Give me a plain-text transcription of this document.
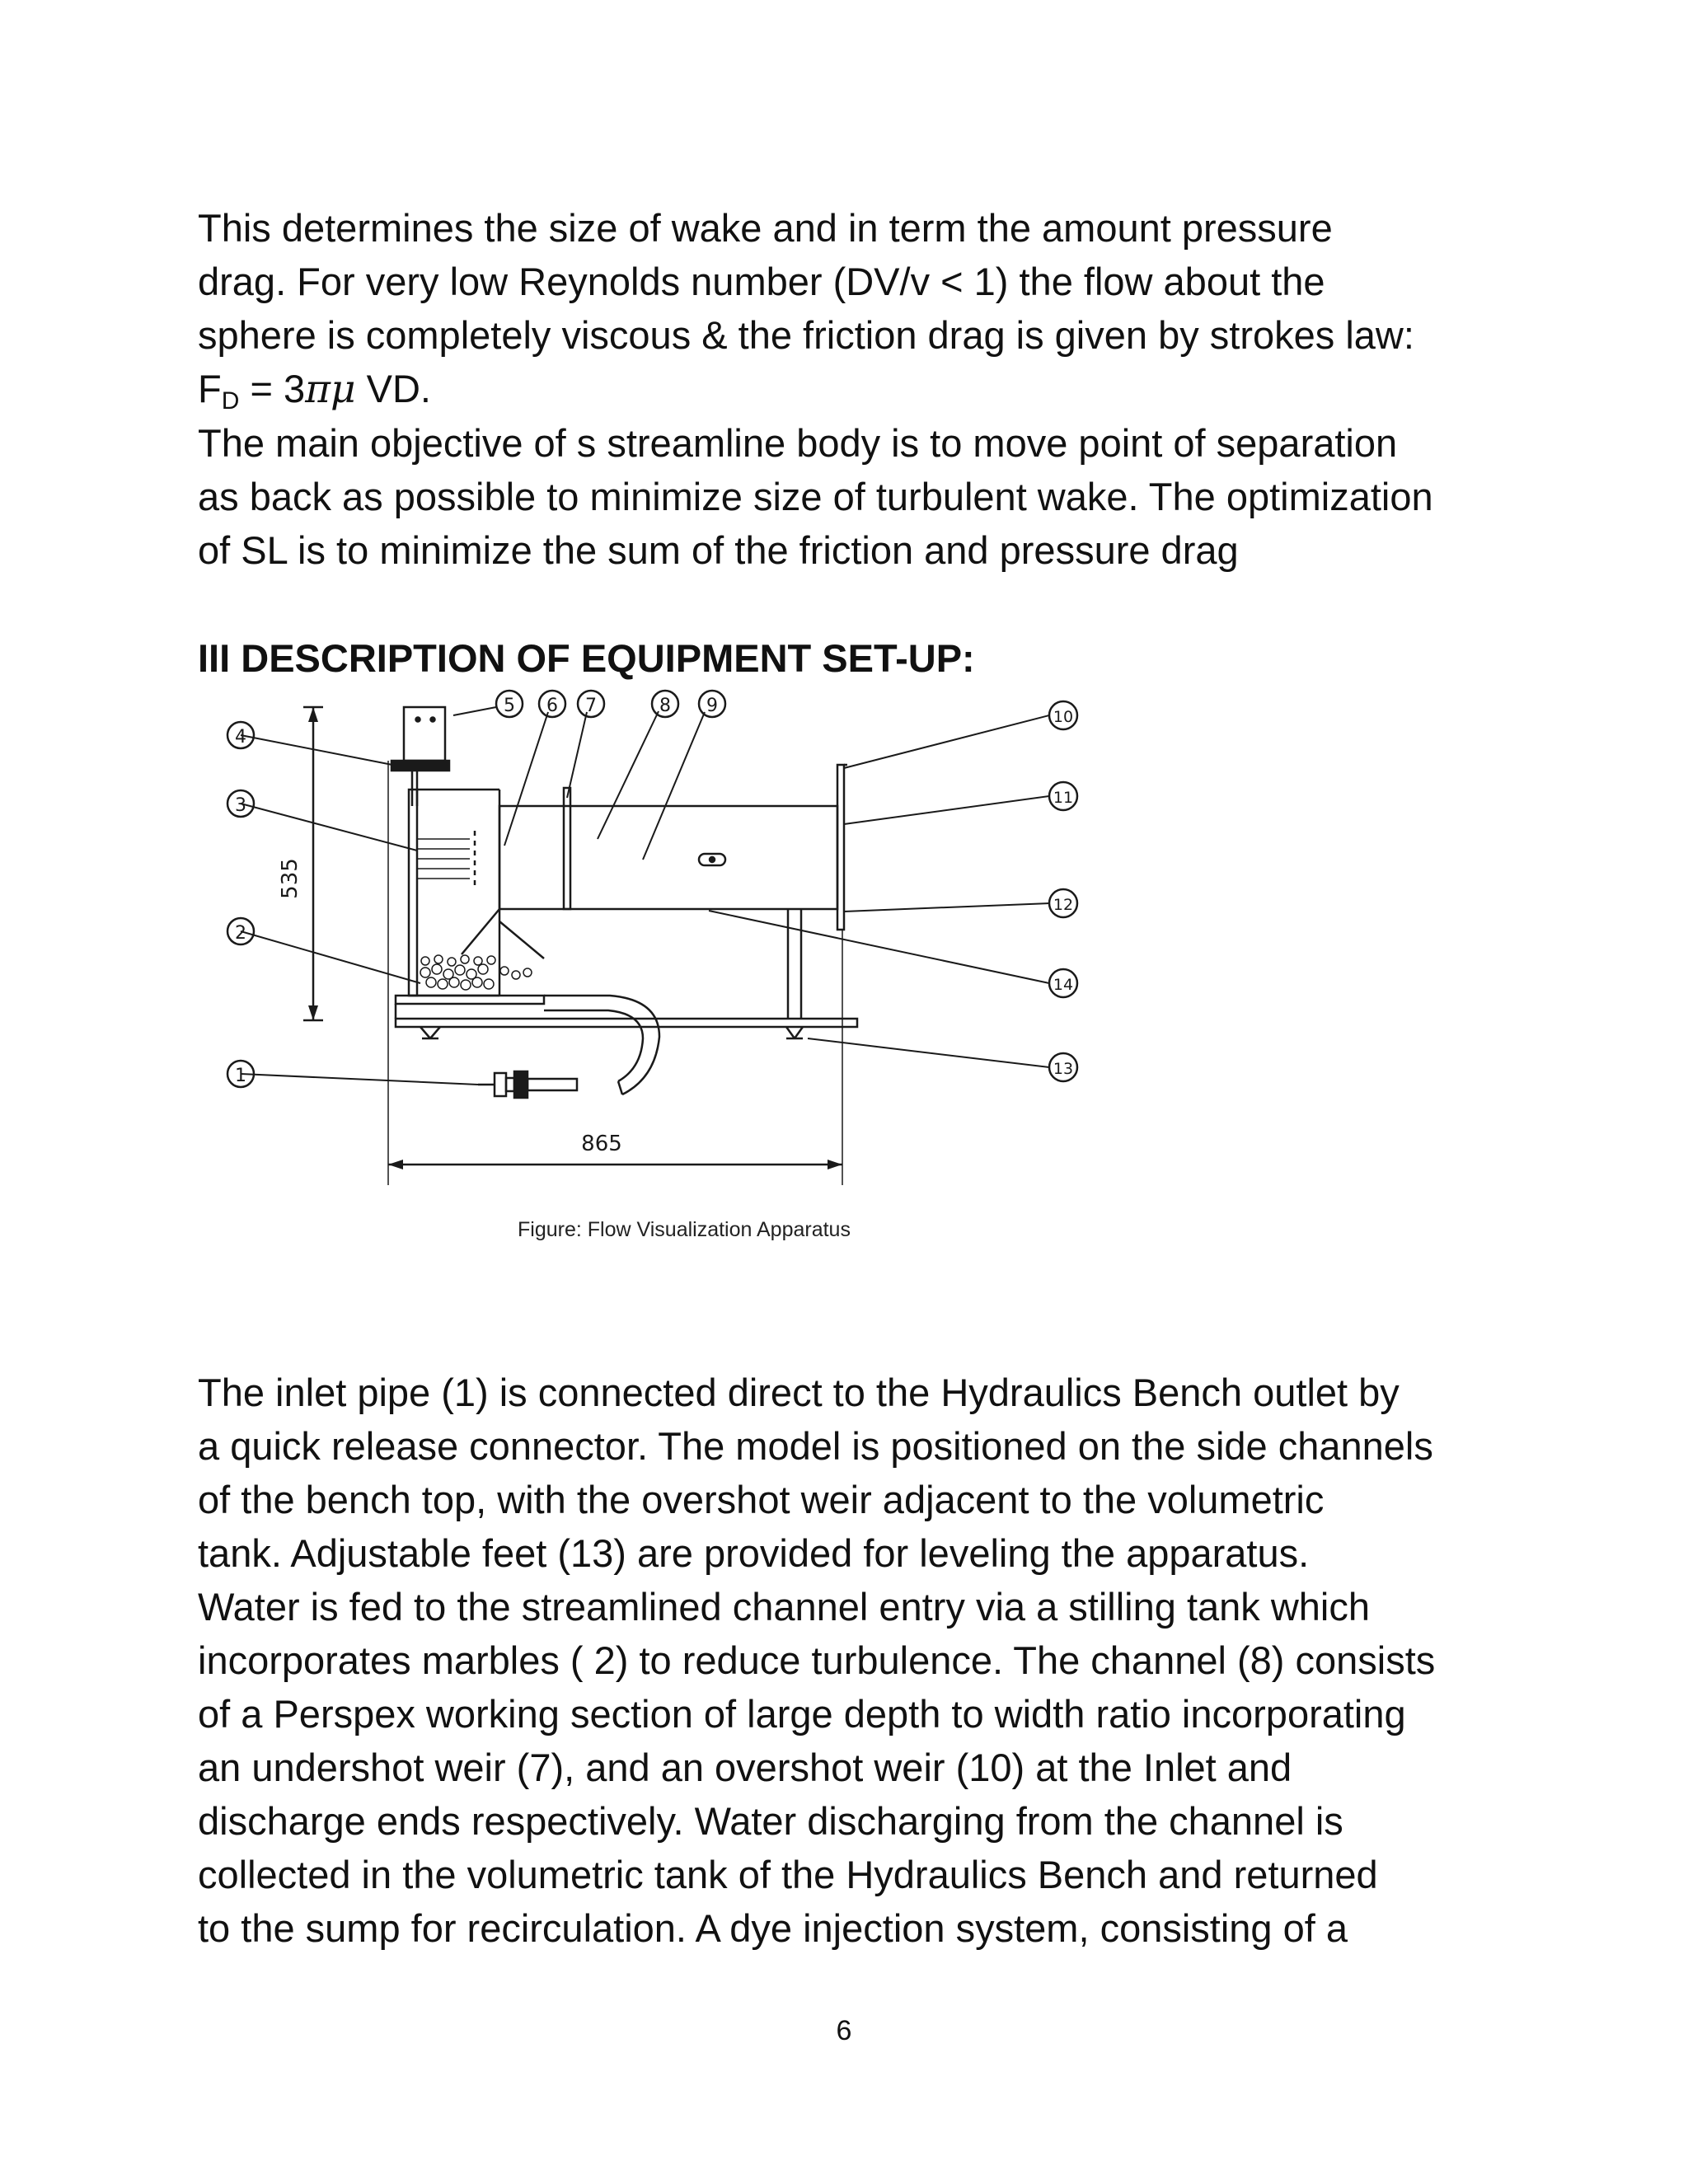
This determines the size of wake and in term the amount pressure
drag. For very low Reynolds number (DV/v < 1) the flow about the
sphere is completely viscous & the friction drag is given by strokes law:
$F_D = 3\pi\mu$ VD.

The main objective of s streamline body is to move point of separation
as back as possible to minimize size of turbulent wake. The optimization
of SL is to minimize the sum of the friction and pressure drag

III DESCRIPTION OF EQUIPMENT SET-UP:
535
865
1
2
3
4
5 6 7	8 9
10
11
12
13
14
Figure: Flow Visualization Apparatus

The inlet pipe (1) is connected direct to the Hydraulics Bench outlet by
a quick release connector. The model is positioned on the side channels
of the bench top, with the overshot weir adjacent to the volumetric
tank. Adjustable feet (13) are provided for leveling the apparatus.
Water is fed to the streamlined channel entry via a stilling tank which
incorporates marbles ( 2) to reduce turbulence. The channel (8) consists
of a Perspex working section of large depth to width ratio incorporating
an undershot weir (7), and an overshot weir (10) at the Inlet and
discharge ends respectively. Water discharging from the channel is
collected in the volumetric tank of the Hydraulics Bench and returned
to the sump for recirculation. A dye injection system, consisting of a

6
